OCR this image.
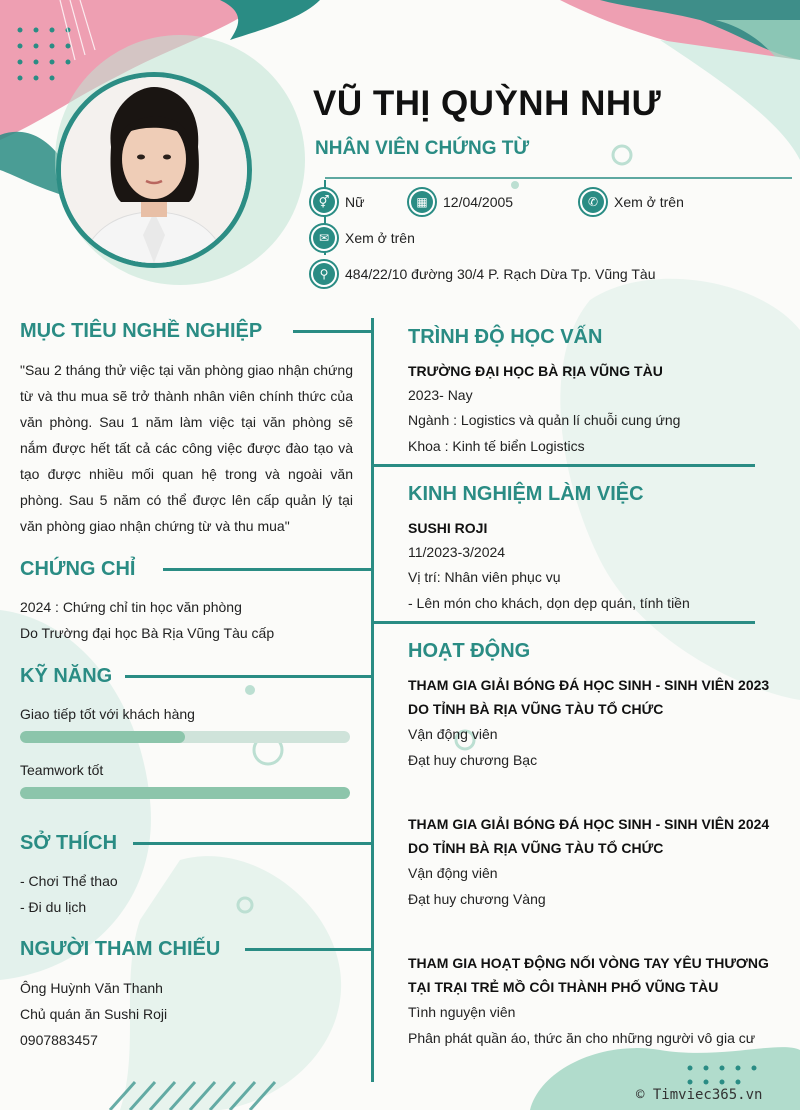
VŨ THỊ QUỲNH NHƯ
NHÂN VIÊN CHỨNG TỪ
⚥	Nữ	▦	12/04/2005	✆	Xem ở trên
✉	Xem ở trên
⚲	484/22/10 đường 30/4 P. Rạch Dừa Tp. Vũng Tàu
MỤC TIÊU NGHỀ NGHIỆP
"Sau 2 tháng thử việc tại văn phòng giao nhận chứng từ và thu mua sẽ trở thành nhân viên chính thức của văn phòng. Sau 1 năm làm việc tại văn phòng sẽ nắm được hết tất cả các công việc được đào tạo và tạo được nhiều mối quan hệ trong và ngoài văn phòng. Sau 5 năm có thể được lên cấp quản lý tại văn phòng giao nhận chứng từ và thu mua"
CHỨNG CHỈ
2024 : Chứng chỉ tin học văn phòng
Do Trường đại học Bà Rịa Vũng Tàu cấp
KỸ NĂNG
Giao tiếp tốt với khách hàng
Teamwork tốt
SỞ THÍCH
- Chơi Thể thao
- Đi du lịch
NGƯỜI THAM CHIẾU
Ông Huỳnh Văn Thanh
Chủ quán ăn Sushi Roji
0907883457
TRÌNH ĐỘ HỌC VẤN
TRƯỜNG ĐẠI HỌC BÀ RỊA VŨNG TÀU
2023- Nay
Ngành : Logistics và quản lí chuỗi cung ứng
Khoa : Kinh tế biển Logistics
KINH NGHIỆM LÀM VIỆC
SUSHI ROJI
11/2023-3/2024
Vị trí: Nhân viên phục vụ
- Lên món cho khách, dọn dẹp quán, tính tiền
HOẠT ĐỘNG
THAM GIA GIẢI BÓNG ĐÁ HỌC SINH - SINH VIÊN 2023
DO TỈNH BÀ RỊA VŨNG TÀU TỔ CHỨC
Vận động viên
Đạt huy chương Bạc
THAM GIA GIẢI BÓNG ĐÁ HỌC SINH - SINH VIÊN 2024
DO TỈNH BÀ RỊA VŨNG TÀU TỔ CHỨC
Vận động viên
Đạt huy chương Vàng
THAM GIA HOẠT ĐỘNG NỐI VÒNG TAY YÊU THƯƠNG
TẠI TRẠI TRẺ MỒ CÔI THÀNH PHỐ VŨNG TÀU
Tình nguyện viên
Phân phát quần áo, thức ăn cho những người vô gia cư
© Timviec365.vn
